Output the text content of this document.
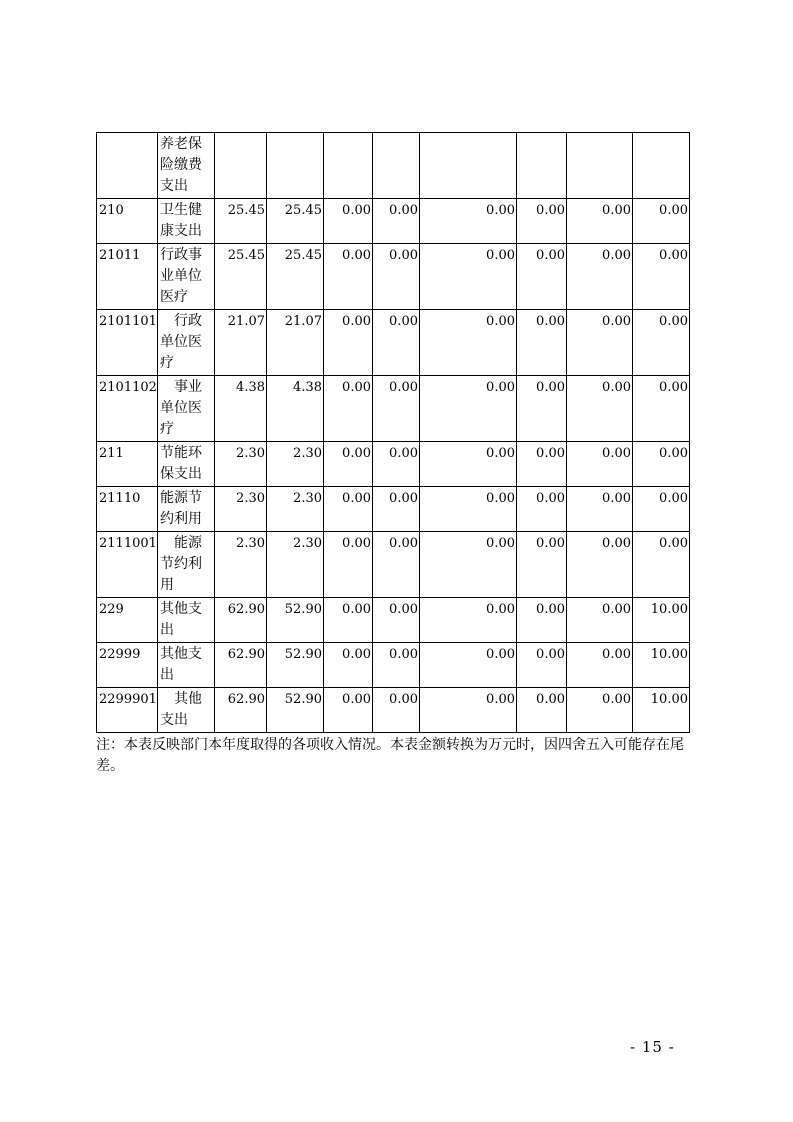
	养老保险缴费支出								
210	卫生健康支出	25.45	25.45	0.00	0.00	0.00	0.00	0.00	0.00
21011	行政事业单位医疗	25.45	25.45	0.00	0.00	0.00	0.00	0.00	0.00
2101101	　行政单位医疗	21.07	21.07	0.00	0.00	0.00	0.00	0.00	0.00
2101102	　事业单位医疗	4.38	4.38	0.00	0.00	0.00	0.00	0.00	0.00
211	节能环保支出	2.30	2.30	0.00	0.00	0.00	0.00	0.00	0.00
21110	能源节约利用	2.30	2.30	0.00	0.00	0.00	0.00	0.00	0.00
2111001	　能源节约利用	2.30	2.30	0.00	0.00	0.00	0.00	0.00	0.00
229	其他支出	62.90	52.90	0.00	0.00	0.00	0.00	0.00	10.00
22999	其他支出	62.90	52.90	0.00	0.00	0.00	0.00	0.00	10.00
2299901	　其他支出	62.90	52.90	0.00	0.00	0.00	0.00	0.00	10.00
注：本表反映部门本年度取得的各项收入情况。本表金额转换为万元时，因四舍五入可能存在尾差。
- 15 -
